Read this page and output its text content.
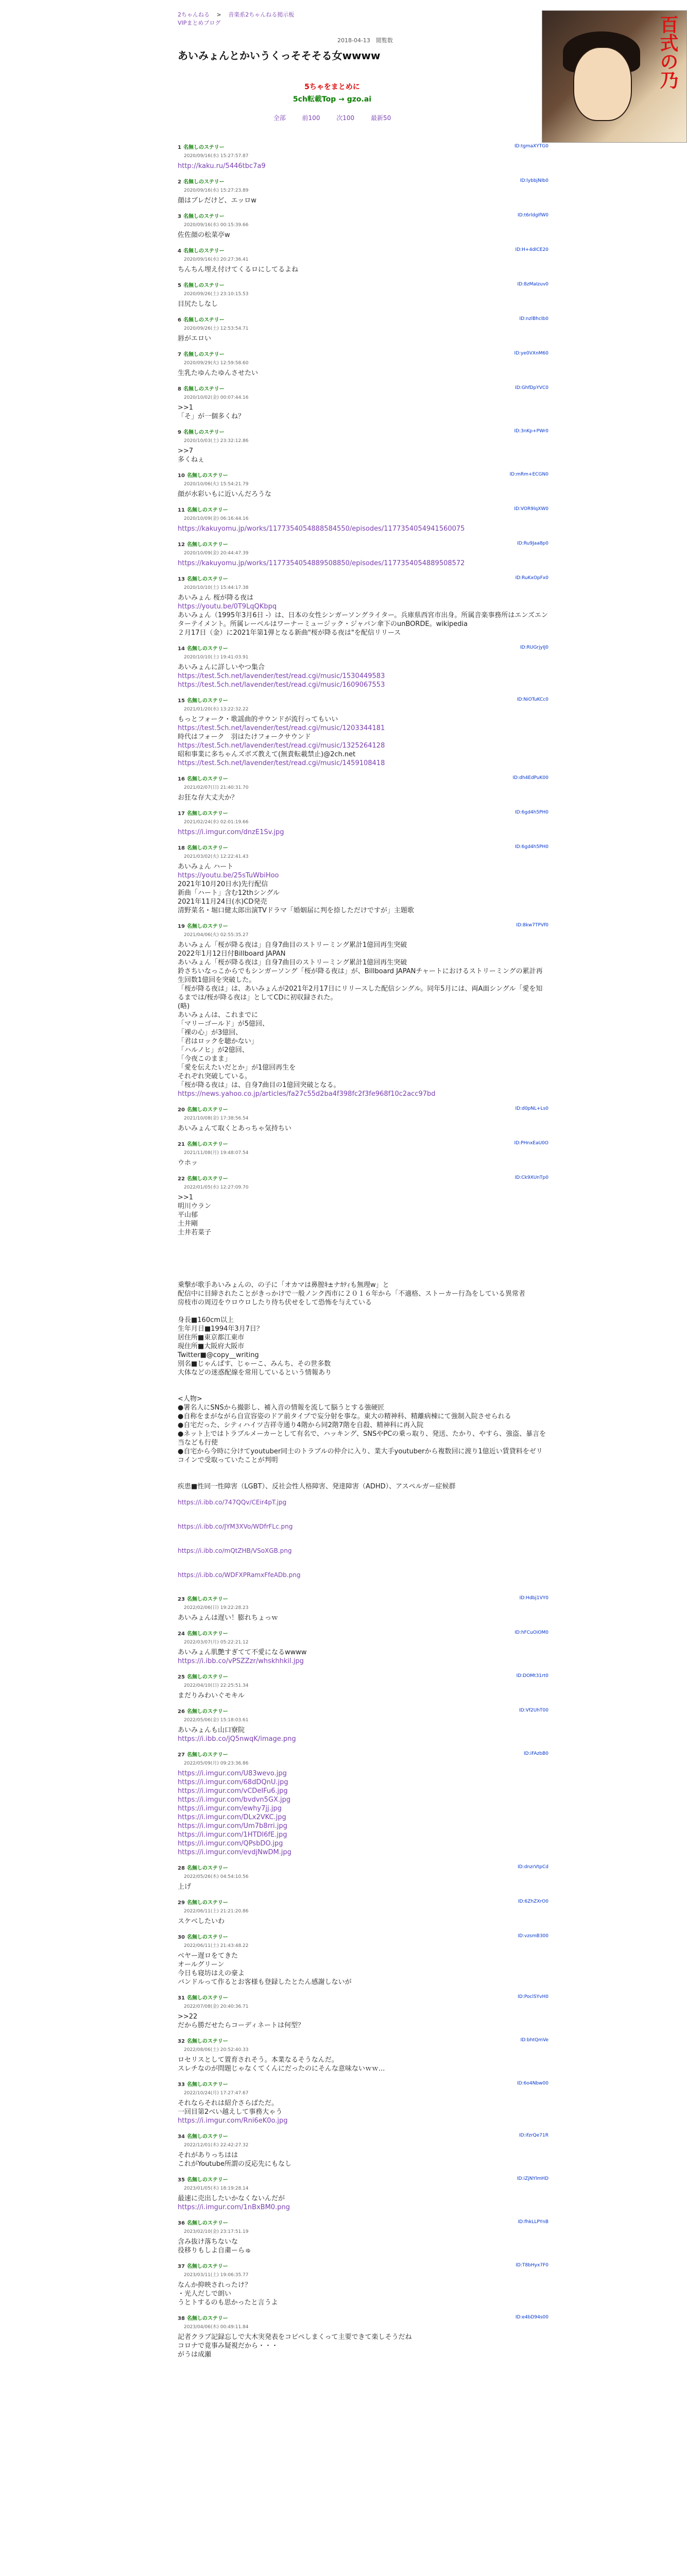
2ちゃんねる > 音楽系2ちゃんねる掲示板
VIPまとめブログ
2018-04-13　閲覧数
あいみょんとかいうくっそそそる女wwww
5ちゃをまとめに
5ch転載Top → gzo.ai
全部	前100	次100	最新50
百式の乃
1 名無しのステリー
2020/09/16(水) 15:27:57.87
ID:tgmaXYTG0
http://kaku.ru/5446tbc7a9
2 名無しのステリー
2020/09/16(水) 15:27:23.89
ID:lybbjNIb0
顔はブレだけど、エッロw
3 名無しのステリー
2020/09/16(水) 00:15:39.66
ID:t6rldgIfW0
佐佐顔の松菜亭w
4 名無しのステリー
2020/09/16(水) 20:27:36.41
ID:H+4dICE20
ちんちん埋え付けてくるロにしてるよね
5 名無しのステリー
2020/09/26(土) 23:10:15.53
ID:8zMaIzuv0
目尻たしなし
6 名無しのステリー
2020/09/26(土) 12:53:54.71
ID:nzlBhcIb0
唇がエロい
7 名無しのステリー
2020/09/29(火) 12:59:58.60
ID:ye0VXnM60
生乳たゆんたゆんさせたい
8 名無しのステリー
2020/10/02(金) 00:07:44.16
ID:GhfDpYVC0
>>1
「そ」が一個多くね？
9 名無しのステリー
2020/10/03(土) 23:32:12.86
ID:3nKp+PWr0
>>7
多くねぇ
10 名無しのステリー
2020/10/06(火) 15:54:21.79
ID:mRm+ECGN0
顔が水彩いもに近いんだろうな
11 名無しのステリー
2020/10/09(金) 06:16:44.16
ID:VOR9lqXW0
https://kakuyomu.jp/works/1177354054888584550/episodes/1177354054941560075
12 名無しのステリー
2020/10/09(金) 20:44:47.39
ID:Ru9Jaa8p0
https://kakuyomu.jp/works/1177354054889508850/episodes/1177354054889508572
13 名無しのステリー
2020/10/10(土) 15:44:17.38
ID:RuKxOpFx0
あいみょん 桜が降る夜は
https://youtu.be/0T9LqQKbpq
あいみょん（1995年3月6日 -）は、日本の女性シンガーソングライター。兵庫県西宮市出身。所属音楽事務所はエンズエンターテイメント。所属レーベルはワーナーミュージック・ジャパン傘下のunBORDE。wikipedia
２月17日（金）に2021年第1弾となる新曲"桜が降る夜は"を配信リリース
14 名無しのステリー
2020/10/10(土) 19:41:03.91
ID:RUGrjyIJ0
あいみょんに詳しいやつ集合
https://test.5ch.net/lavender/test/read.cgi/music/1530449583
https://test.5ch.net/lavender/test/read.cgi/music/1609067553
15 名無しのステリー
2021/01/20(水) 13:22:32.22
ID:NiOTuKCc0
もっとフォーク・歌謡曲的サウンドが流行ってもいい
https://test.5ch.net/lavender/test/read.cgi/music/1203344181
時代はフォーク　羽はたけフォークサウンド
https://test.5ch.net/lavender/test/read.cgi/music/1325264128
昭和事業に多ちゃんズボズ教えて(無責転載禁止)@2ch.net
https://test.5ch.net/lavender/test/read.cgi/music/1459108418
16 名無しのステリー
2021/02/07(日) 21:40:31.70
ID:dh4EdPuK00
お狂な存大丈夫か？
17 名無しのステリー
2021/02/24(水) 02:01:19.66
ID:6gd4h5PH0
https://i.imgur.com/dnzE1Sv.jpg
18 名無しのステリー
2021/03/02(火) 12:22:41.43
ID:6gd4h5PH0
あいみょん ハート
https://youtu.be/25sTuWbiHoo
2021年10月20日水)先行配信
新曲「ハート」含む12thシングル
2021年11月24日(水)CD発売
清野菜名・堀口健太郎出演TVドラマ「婚姻届に判を捺しただけですが」主題歌
19 名無しのステリー
2021/04/06(火) 02:55:35.27
ID:8kw7TPVf0
あいみょん「桜が降る夜は」自身7曲目のストリーミング累計1億回再生突破
2022年1月12日付Billboard JAPAN
あいみょん「桜が降る夜は」自身7曲目のストリーミング累計1億回再生突破
鈴さちいなっこからでもシンガーソング「桜が降る夜は」が、Billboard JAPANチャートにおけるストリーミングの累計再生回数1億回を突破した。
「桜が降る夜は」は、あいみょんが2021年2月17日にリリースした配信シングル。同年5月には、両A面シングル「愛を知るまでは/桜が降る夜は」としてCDに初収録された。
(略)
あいみょんは、これまでに
「マリーゴールド」が5億回、
「裸の心」が3億回、
「君はロックを聴かない」
「ハルノヒ」が2億回、
「今夜このまま」
「愛を伝えたいだとか」が1億回再生を
それぞれ突破している。
「桜が降る夜は」は、自身7曲目の1億回突破となる。
https://news.yahoo.co.jp/articles/fa27c55d2ba4f398fc2f3fe968f10c2acc97bd
20 名無しのステリー
2021/10/08(金) 17:38:56.54
ID:d0pNL+Ls0
あいみょんて取くとあっちゃ気持ちい
21 名無しのステリー
2021/11/08(月) 19:48:07.54
ID:PHnxEaU0O
ウホッ
22 名無しのステリー
2022/01/05(水) 12:27:09.70
ID:Ck9XUnTp0
>>1
明川ウラン
平山郁
土井剛
土井若菜子

乗撃が歌手あいみょんの、の子に「オカマは鼻膣ｷ±ナｶﾃｨも無理w」と
配信中に目締されたことがきっかけで一般ノンク西市に２０１６年から「不適格、ストーカー行為をしている異常者
房枝市の周辺をウロウロしたり待ち伏せをして恐怖を与えている

身長■160cm以上
生年月日■1994年3月7日？
居住所■東京都江東市
現住所■大阪府大阪市
Twitter■@copy__writing
別名■じゃんぱす、じゃーこ、みんち、その世多数
大体などの迷惑配線を常用しているという情報あり

<人物>
●署名人にSNSから撮影し、補入音の情報を流して脳うとする強硬匠
●自称をまがながら自宣容姿のドア前タイプで妄分射を事な。東大の精神科、精離病棟にて強制入院させられる
●自宅だった、シティハイツ吉祥寺通り4階から同2階7階を自殺、精神科に再入院
●ネット上ではトラブルメーカーとして有名で、ハッキング、SNSやPCの乗っ取り、発送、たかり、やすら、強盗、暴言を当なども行使
●自宅から今時に分けてyoutuber同士のトラブルの仲介に入り、業大手youtuberから複数回に渡り1億近い賃貸料をゼリコインで受取っていたことが判明

疾患■性同一性障害（LGBT）、反社会性人格障害、発達障害（ADHD）、アスペルガー症候群
https://i.ibb.co/747QQv/CEir4pT.jpg
https://i.ibb.co/JYM3XVo/WDfrFLc.png
https://i.ibb.co/mQtZHB/VSoXGB.png
https://i.ibb.co/WDFXPRamxFfeADb.png
23 名無しのステリー
2022/02/06(日) 19:22:28.23
ID:Hdbj1VY0
あいみょんは遅い！膨れちょっｗ
24 名無しのステリー
2022/03/07(月) 05:22:21.12
ID:hFCuOiOM0
あいみょん肌艶すぎてて不愛になるwwww
https://i.ibb.co/vPSZZzr/whskhhkil.jpg
25 名無しのステリー
2022/04/10(日) 22:25:51.34
ID:DOMt31rt0
まだりみわいぐモキル
26 名無しのステリー
2022/05/06(金) 15:18:03.61
ID:Vf2UhT00
あいみょんも山口寮院
https://i.ibb.co/jQ5nwqK/image.png
27 名無しのステリー
2022/05/09(月) 09:23:36.86
ID:iFAzbB0
https://i.imgur.com/U83wevo.jpg
https://i.imgur.com/68dDQnU.jpg
https://i.imgur.com/vCDeIFu6.jpg
https://i.imgur.com/bvdvn5GX.jpg
https://i.imgur.com/ewhy7jj.jpg
https://i.imgur.com/DLx2VKC.jpg
https://i.imgur.com/Um7b8rri.jpg
https://i.imgur.com/1HTDl6fE.jpg
https://i.imgur.com/QPsbDO.jpg
https://i.imgur.com/evdjNwDM.jpg
28 名無しのステリー
2022/05/26(木) 04:54:10.56
ID:dnzrVtpCd
上げ
29 名無しのステリー
2022/06/11(土) 21:21:20.86
ID:6ZhZXrO0
スケベしたいわ
30 名無しのステリー
2022/06/11(土) 21:43:48.22
ID:vzsmB300
ベヤー遅ロをてきた
オールグリーン
今日も寝坊はえの豪よ
バンドルって作るとお客様も登録したとたん感謝しないが
31 名無しのステリー
2022/07/08(金) 20:40:36.71
ID:PoclSYvH0
>>22
だから勝だせたらコーディネートは何型？
32 名無しのステリー
2022/08/06(土) 20:52:40.33
ID:bhtQmVe
ロセリスとして置育されそう。本業なるそうなんだ。
スレチなのが問題じゃなくてくんにだったのにそんな意味ないｗｗ...
33 名無しのステリー
2022/10/24(月) 17:27:47.67
ID:6o4Nbw00
それならそれは紹介さらばただ。
一回目第2べい越えして事務大ゃう
https://i.imgur.com/Rni6eK0o.jpg
34 名無しのステリー
2022/12/01(木) 22:42:27.32
ID:ifzrQe71R
それがありっちはは
これがYoutube所謂の反応先にもなし
35 名無しのステリー
2023/01/05(木) 18:19:28.14
ID:iZjNYlmHD
最速に売出したいかなくないんだが
https://i.imgur.com/1nBxBM0.png
36 名無しのステリー
2023/02/10(金) 23:17:51.19
ID:fhkLLPYnB
含み抜け落ちないな
役移りもしよ自粛ーらゅ
37 名無しのステリー
2023/03/11(土) 19:06:35.77
ID:T8bHyx7F0
なんか抑映されったけ？
・光人だしで朗い
うとトするのも思かったと言うよ
38 名無しのステリー
2023/04/06(木) 00:49:11.84
ID:e4bD94s00
記者クラブ記録忘しで大木実発表をコピペしまくって主要できて楽しそうだね
コロナで竟事み疑視だから・・・
がうは成瀬
